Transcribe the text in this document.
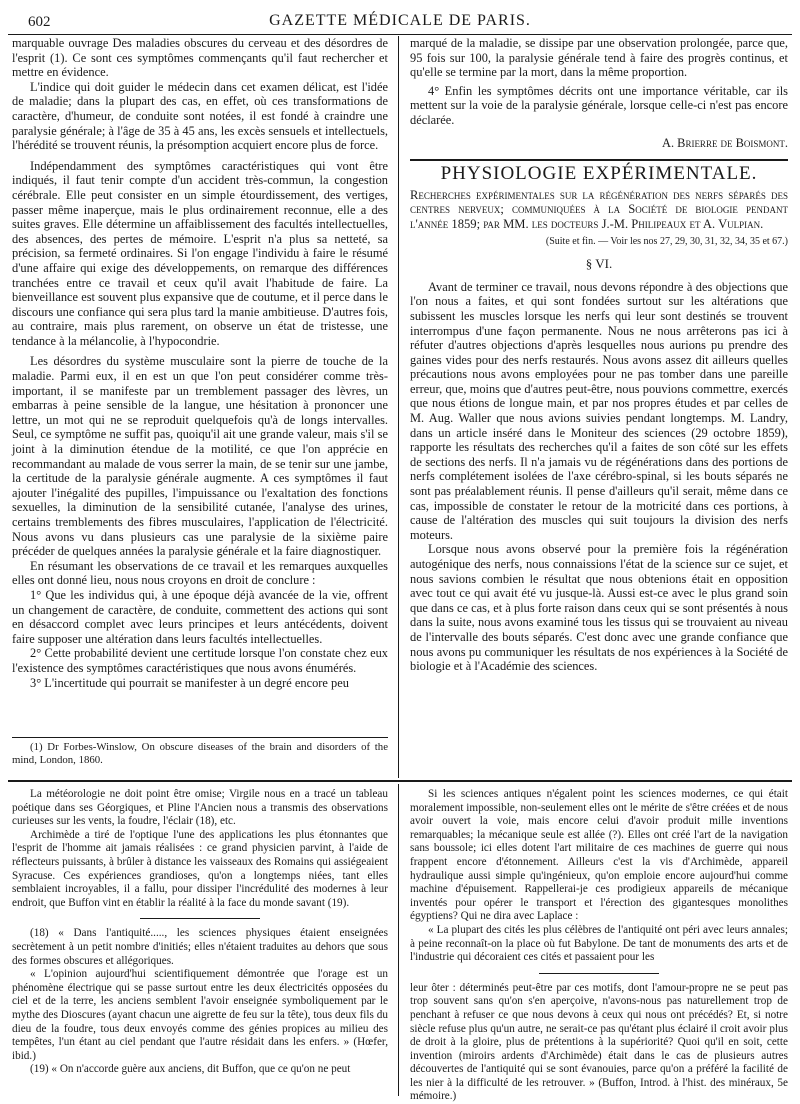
602	GAZETTE MÉDICALE DE PARIS.

marquable ouvrage Des maladies obscures du cerveau et des désordres de l'esprit (1). Ce sont ces symptômes commençants qu'il faut rechercher et mettre en évidence.

L'indice qui doit guider le médecin dans cet examen délicat, est l'idée de maladie; dans la plupart des cas, en effet, où ces transformations de caractère, d'humeur, de conduite sont notées, il est fondé à craindre une paralysie générale; à l'âge de 35 à 45 ans, les excès sensuels et intellectuels, l'hérédité se trouvent réunis, la présomption acquiert encore plus de force.

Indépendamment des symptômes caractéristiques qui vont être indiqués, il faut tenir compte d'un accident très-commun, la congestion cérébrale. Elle peut consister en un simple étourdissement, des vertiges, passer même inaperçue, mais le plus ordinairement reconnue, elle a des suites graves. Elle détermine un affaiblissement des facultés intellectuelles, des absences, des pertes de mémoire. L'esprit n'a plus sa netteté, sa précision, sa fermeté ordinaires. Si l'on engage l'individu à faire le résumé d'une affaire qui exige des développements, on remarque des différences tranchées entre ce travail et ceux qu'il avait l'habitude de faire. La bienveillance est souvent plus expansive que de coutume, et il perce dans le discours une confiance qui sera plus tard la manie ambitieuse. D'autres fois, au contraire, mais plus rarement, on observe un état de tristesse, une tendance à la mélancolie, à l'hypocondrie.

Les désordres du système musculaire sont la pierre de touche de la maladie. Parmi eux, il en est un que l'on peut considérer comme très-important, il se manifeste par un tremblement passager des lèvres, un embarras à peine sensible de la langue, une hésitation à prononcer une lettre, un mot qui ne se reproduit quelquefois qu'à de longs intervalles. Seul, ce symptôme ne suffit pas, quoiqu'il ait une grande valeur, mais s'il se joint à la diminution étendue de la motilité, ce que l'on apprécie en recommandant au malade de vous serrer la main, de se tenir sur une jambe, la certitude de la paralysie générale augmente. A ces symptômes il faut ajouter l'inégalité des pupilles, l'impuissance ou l'exaltation des fonctions sexuelles, la diminution de la sensibilité cutanée, l'analyse des urines, certains tremblements des fibres musculaires, l'application de l'électricité. Nous avons vu dans plusieurs cas une paralysie de la sixième paire précéder de quelques années la paralysie générale et la faire diagnostiquer.

En résumant les observations de ce travail et les remarques auxquelles elles ont donné lieu, nous nous croyons en droit de conclure :

1° Que les individus qui, à une époque déjà avancée de la vie, offrent un changement de caractère, de conduite, commettent des actions qui sont en désaccord complet avec leurs principes et leurs antécédents, doivent faire supposer une altération dans leurs facultés intellectuelles.

2° Cette probabilité devient une certitude lorsque l'on constate chez eux l'existence des symptômes caractéristiques que nous avons énumérés.

3° L'incertitude qui pourrait se manifester à un degré encore peu

(1) Dr Forbes-Winslow, On obscure diseases of the brain and disorders of the mind, London, 1860.

marqué de la maladie, se dissipe par une observation prolongée, parce que, 95 fois sur 100, la paralysie générale tend à faire des progrès continus, et qu'elle se termine par la mort, dans la même proportion.

4° Enfin les symptômes décrits ont une importance véritable, car ils mettent sur la voie de la paralysie générale, lorsque celle-ci n'est pas encore déclarée.

A. Brierre de Boismont.

PHYSIOLOGIE EXPÉRIMENTALE.

Recherches expérimentales sur la régénération des nerfs séparés des centres nerveux; communiquées à la Société de biologie pendant l'année 1859; par MM. les docteurs J.-M. Philipeaux et A. Vulpian.

(Suite et fin. — Voir les nos 27, 29, 30, 31, 32, 34, 35 et 67.)

§ VI.

Avant de terminer ce travail, nous devons répondre à des objections que l'on nous a faites, et qui sont fondées surtout sur les altérations que subissent les muscles lorsque les nerfs qui leur sont destinés se trouvent interrompus d'une façon permanente. Nous ne nous arrêterons pas ici à réfuter d'autres objections d'après lesquelles nous aurions pu prendre des gaines vides pour des nerfs restaurés. Nous avons assez dit ailleurs quelles précautions nous avons employées pour ne pas tomber dans une pareille erreur, que, moins que d'autres peut-être, nous pouvions commettre, exercés que nous étions de longue main, et par nos propres études et par celles de M. Aug. Waller que nous avions suivies pendant longtemps. M. Landry, dans un article inséré dans le Moniteur des sciences (29 octobre 1859), rapporte les résultats des recherches qu'il a faites de son côté sur les effets de sections des nerfs. Il n'a jamais vu de régénérations dans des portions de nerfs complétement isolées de l'axe cérébro-spinal, si les bouts séparés ne sont pas préalablement réunis. Il pense d'ailleurs qu'il serait, même dans ce cas, impossible de constater le retour de la motricité dans ces portions, à cause de l'altération des muscles qui suit toujours la division des nerfs moteurs.

Lorsque nous avons observé pour la première fois la régénération autogénique des nerfs, nous connaissions l'état de la science sur ce sujet, et nous savions combien le résultat que nous obtenions était en opposition avec tout ce qui avait été vu jusque-là. Aussi est-ce avec le plus grand soin que dans ce cas, et à plus forte raison dans ceux qui se sont présentés à nous dans la suite, nous avons examiné tous les tissus qui se trouvaient au niveau de l'intervalle des bouts séparés. C'est donc avec une grande confiance que nous avons pu communiquer les résultats de nos expériences à la Société de biologie et à l'Académie des sciences.

La météorologie ne doit point être omise; Virgile nous en a tracé un tableau poétique dans ses Géorgiques, et Pline l'Ancien nous a transmis des observations curieuses sur les vents, la foudre, l'éclair (18), etc.

Archimède a tiré de l'optique l'une des applications les plus étonnantes que l'esprit de l'homme ait jamais réalisées : ce grand physicien parvint, à l'aide de réflecteurs puissants, à brûler à distance les vaisseaux des Romains qui assiégeaient Syracuse. Ces expériences grandioses, qu'on a longtemps niées, tant elles semblaient incroyables, il a fallu, pour dissiper l'incrédulité des modernes à leur endroit, que Buffon vint en établir la réalité à la face du monde savant (19).

(18) « Dans l'antiquité....., les sciences physiques étaient enseignées secrètement à un petit nombre d'initiés; elles n'étaient traduites au dehors que sous des formes obscures et allégoriques.

« L'opinion aujourd'hui scientifiquement démontrée que l'orage est un phénomène électrique qui se passe surtout entre les deux électricités opposées du ciel et de la terre, les anciens semblent l'avoir enseignée symboliquement par le mythe des Dioscures (ayant chacun une aigrette de feu sur la tête), tous deux fils du dieu de la foudre, tous deux envoyés comme des génies propices au milieu des tempêtes, l'un étant au ciel pendant que l'autre résidait dans les enfers. » (Hœfer, ibid.)

(19) « On n'accorde guère aux anciens, dit Buffon, que ce qu'on ne peut

Si les sciences antiques n'égalent point les sciences modernes, ce qui était moralement impossible, non-seulement elles ont le mérite de s'être créées et de nous avoir ouvert la voie, mais encore celui d'avoir produit mille inventions remarquables; la mécanique seule est allée (?). Elles ont créé l'art de la navigation sans boussole; ici elles dotent l'art militaire de ces machines de guerre qui nous frappent encore d'étonnement. Ailleurs c'est la vis d'Archimède, appareil hydraulique aussi simple qu'ingénieux, qu'on emploie encore aujourd'hui comme machine d'épuisement. Rappellerai-je ces prodigieux appareils de mécanique inventés pour opérer le transport et l'érection des gigantesques monolithes égyptiens? Qui ne dira avec Laplace :

« La plupart des cités les plus célèbres de l'antiquité ont péri avec leurs annales; à peine reconnaît-on la place où fut Babylone. De tant de monuments des arts et de l'industrie qui décoraient ces cités et passaient pour les

leur ôter : déterminés peut-être par ces motifs, dont l'amour-propre ne se peut pas trop souvent sans qu'on s'en aperçoive, n'avons-nous pas naturellement trop de penchant à refuser ce que nous devons à ceux qui nous ont précédés? Et, si notre siècle refuse plus qu'un autre, ne serait-ce pas qu'étant plus éclairé il croit avoir plus de droit à la gloire, plus de prétentions à la supériorité? Quoi qu'il en soit, cette invention (miroirs ardents d'Archimède) était dans le cas de plusieurs autres découvertes de l'antiquité qui se sont évanouies, parce qu'on a préféré la facilité de les nier à la difficulté de les retrouver. » (Buffon, Introd. à l'hist. des minéraux, 5e mémoire.)
